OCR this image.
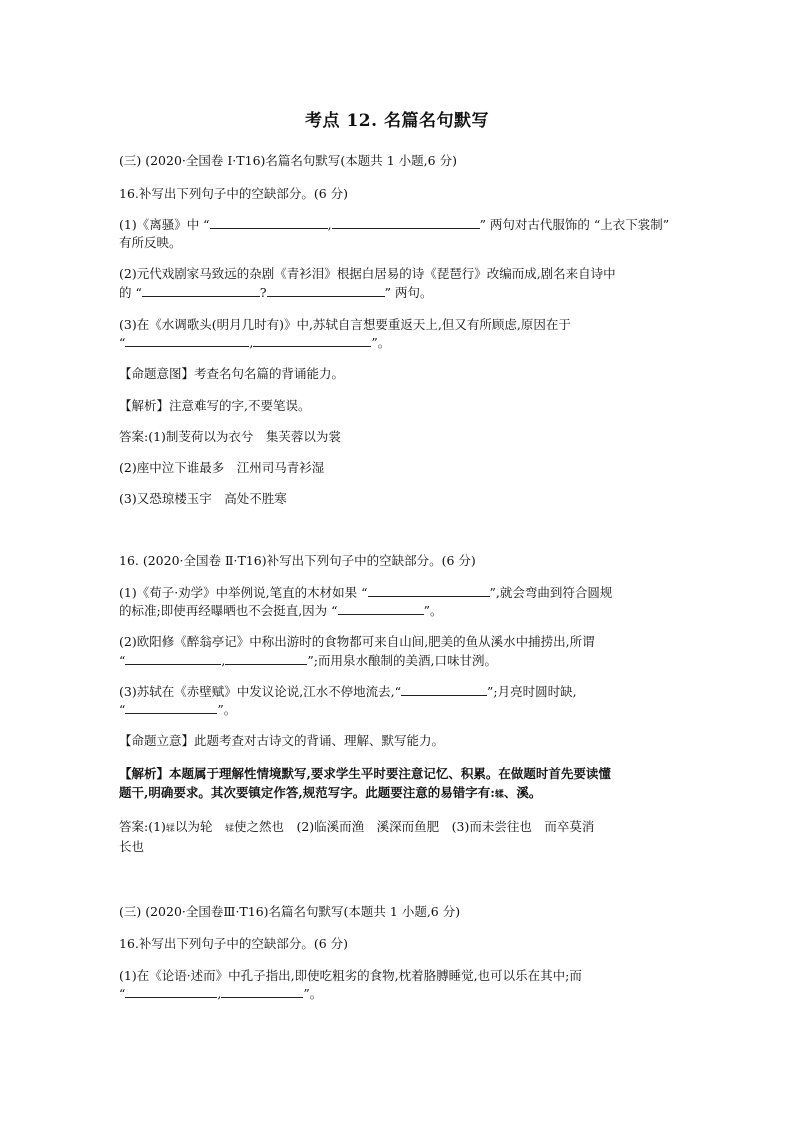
考点 12. 名篇名句默写
(三) (2020·全国卷 Ⅰ·T16)名篇名句默写(本题共 1 小题,6 分)
16.补写出下列句子中的空缺部分。(6 分)
(1)《离骚》中 “	,	” 两句对古代服饰的 “上衣下裳制”
有所反映。
(2)元代戏剧家马致远的杂剧《青衫泪》根据白居易的诗《琵琶行》改编而成,剧名来自诗中
的 “	?	” 两句。
(3)在《水调歌头(明月几时有)》中,苏轼自言想要重返天上,但又有所顾虑,原因在于
“	,	”。
【命题意图】考查名句名篇的背诵能力。
【解析】注意难写的字,不要笔误。
答案:(1)制芰荷以为衣兮　集芙蓉以为裳
(2)座中泣下谁最多　江州司马青衫湿
(3)又恐琼楼玉宇　高处不胜寒
16. (2020·全国卷 Ⅱ·T16)补写出下列句子中的空缺部分。(6 分)
(1)《荀子·劝学》中举例说,笔直的木材如果 “	”,就会弯曲到符合圆规
的标准;即使再经曝晒也不会挺直,因为 “	”。
(2)欧阳修《醉翁亭记》中称出游时的食物都可来自山间,肥美的鱼从溪水中捕捞出,所谓
“	,	”;而用泉水酿制的美酒,口味甘洌。
(3)苏轼在《赤壁赋》中发议论说,江水不停地流去,“	”;月亮时圆时缺,
“	”。
【命题立意】此题考查对古诗文的背诵、理解、默写能力。
【解析】本题属于理解性情境默写,要求学生平时要注意记忆、积累。在做题时首先要读懂
题干,明确要求。其次要镇定作答,规范写字。此题要注意的易错字有:𫐓、溪。
答案:(1)𫐓以为轮　𫐓使之然也　(2)临溪而渔　溪深而鱼肥　(3)而未尝往也　而卒莫消
长也
(三) (2020·全国卷Ⅲ·T16)名篇名句默写(本题共 1 小题,6 分)
16.补写出下列句子中的空缺部分。(6 分)
(1)在《论语·述而》中孔子指出,即使吃粗劣的食物,枕着胳膊睡觉,也可以乐在其中;而
“	,	”。
